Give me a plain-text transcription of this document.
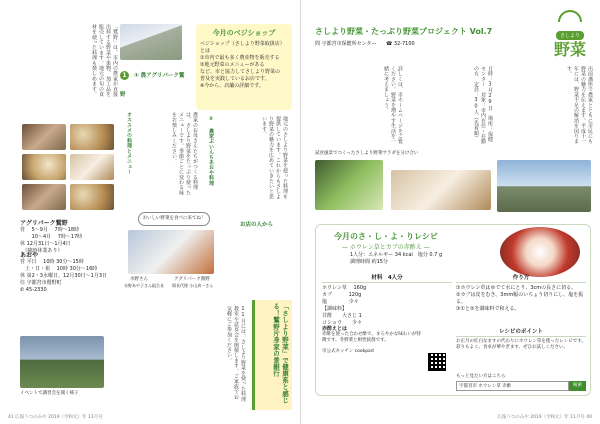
1 ① 農アグリパーク鷲野
「鷲野」は、市内の農家が直接出荷する野菜や果物、加工品を販売しています。地元の旬の食材を使った料理も楽しめます。
オススメの料理とメニュー	② 農家ぶいんちあおや料理
農家のお母さんたちがつくる料理は、さしより野菜をたっぷり使ったメニューです。季節ごとに変わる味をお楽しみください。	地元のさしより野菜を使った料理を提供しています。これからもさしより野菜の魅力を広めていきたいと思います。
今月のベジショップ
ベジショップ（さしより野菜取扱店）
とは
①市内で最も多く農産物を販売する
②地元野菜のメニューがある
など、市と協力してさしより野菜の
普及を実践しているお店です。
※今から、店舗の詳細です。
アグリパーク鷲野
営　 5〜9月　 7時〜18時
　　 10〜4月　 7時〜17時
休 12月31日〜1月4日
　（臨時休業あり）
あおや
営 平日　 10時 30分〜15時
　土・日・祖　 10時 30分〜16時
休 第2・3水曜日、12月30日〜1月3日
住 宇都宮市鷲野町
✆ 45-2330
おいしい野菜を食べに来てね！
水野さん
水野あや子さん組合長
アグリパーク鷲野
場長代理 小山真一さん
お店の人から
イベントで講習会を開く様子	11月には、さしより野菜を使った料理教室や試食会を開催します。ご家族でお気軽にご参加ください。	「さしより野菜」で健康系と感じる！鷲野片身家の景銀行
41 広報うつのみや 2019（令和元）年 11月号
さしより野菜・たっぷり野菜プロジェクト Vol.7
問 宇都宮市保健所センター ☎ 32-7100
さしより
野菜
出前講座で農家とともに市民にも野菜の魅力を伝えます。平成十一年には、野菜不足の解消を図ります。
日時：3月29日　場所：保健センター　対象：市内在住・在勤の方　定員：30人（先着順）
詳しくは、市ホームページをご覧ください。野菜を増やす生活を一緒に考えましょう。
試食風景でつくったさしより野菜サラダを分け合い
今月のさ・し・よ・りレシピ
— ホウレン草とカブの赤酢え —
1人分：エネルギー 34 kcal　塩分 0.7 g
調理時間 約15分
材料　4人分
ホウレン草　 160g
カブ　　　 120g
塩　　　　 少々
【調味料】
甘酢　　大さじ 1
コショウ　　少々
作り方
①ホウレン草はゆでて水にとり、3cmの長さに切る。
②カブは皮をむき、3mm幅のいちょう切りにし、塩を振る。
③①と②を調味料で和える。
赤酢えとは
赤酢を使った合わせ酢で、まろやかな味わいが特徴です。冬野菜と相性抜群です。
市公式キッチン cookpad
レシピのポイント
お正月の紅白なますの代わりにホウレン草を使ったレシピです。彩りもよく、食卓が華やぎます。ぜひお試しください。
もっと見たい方はこちら
宇都宮市 ホウレン草 赤酢	検索
広報うつのみや 2019（令和元）年 11月号 40
